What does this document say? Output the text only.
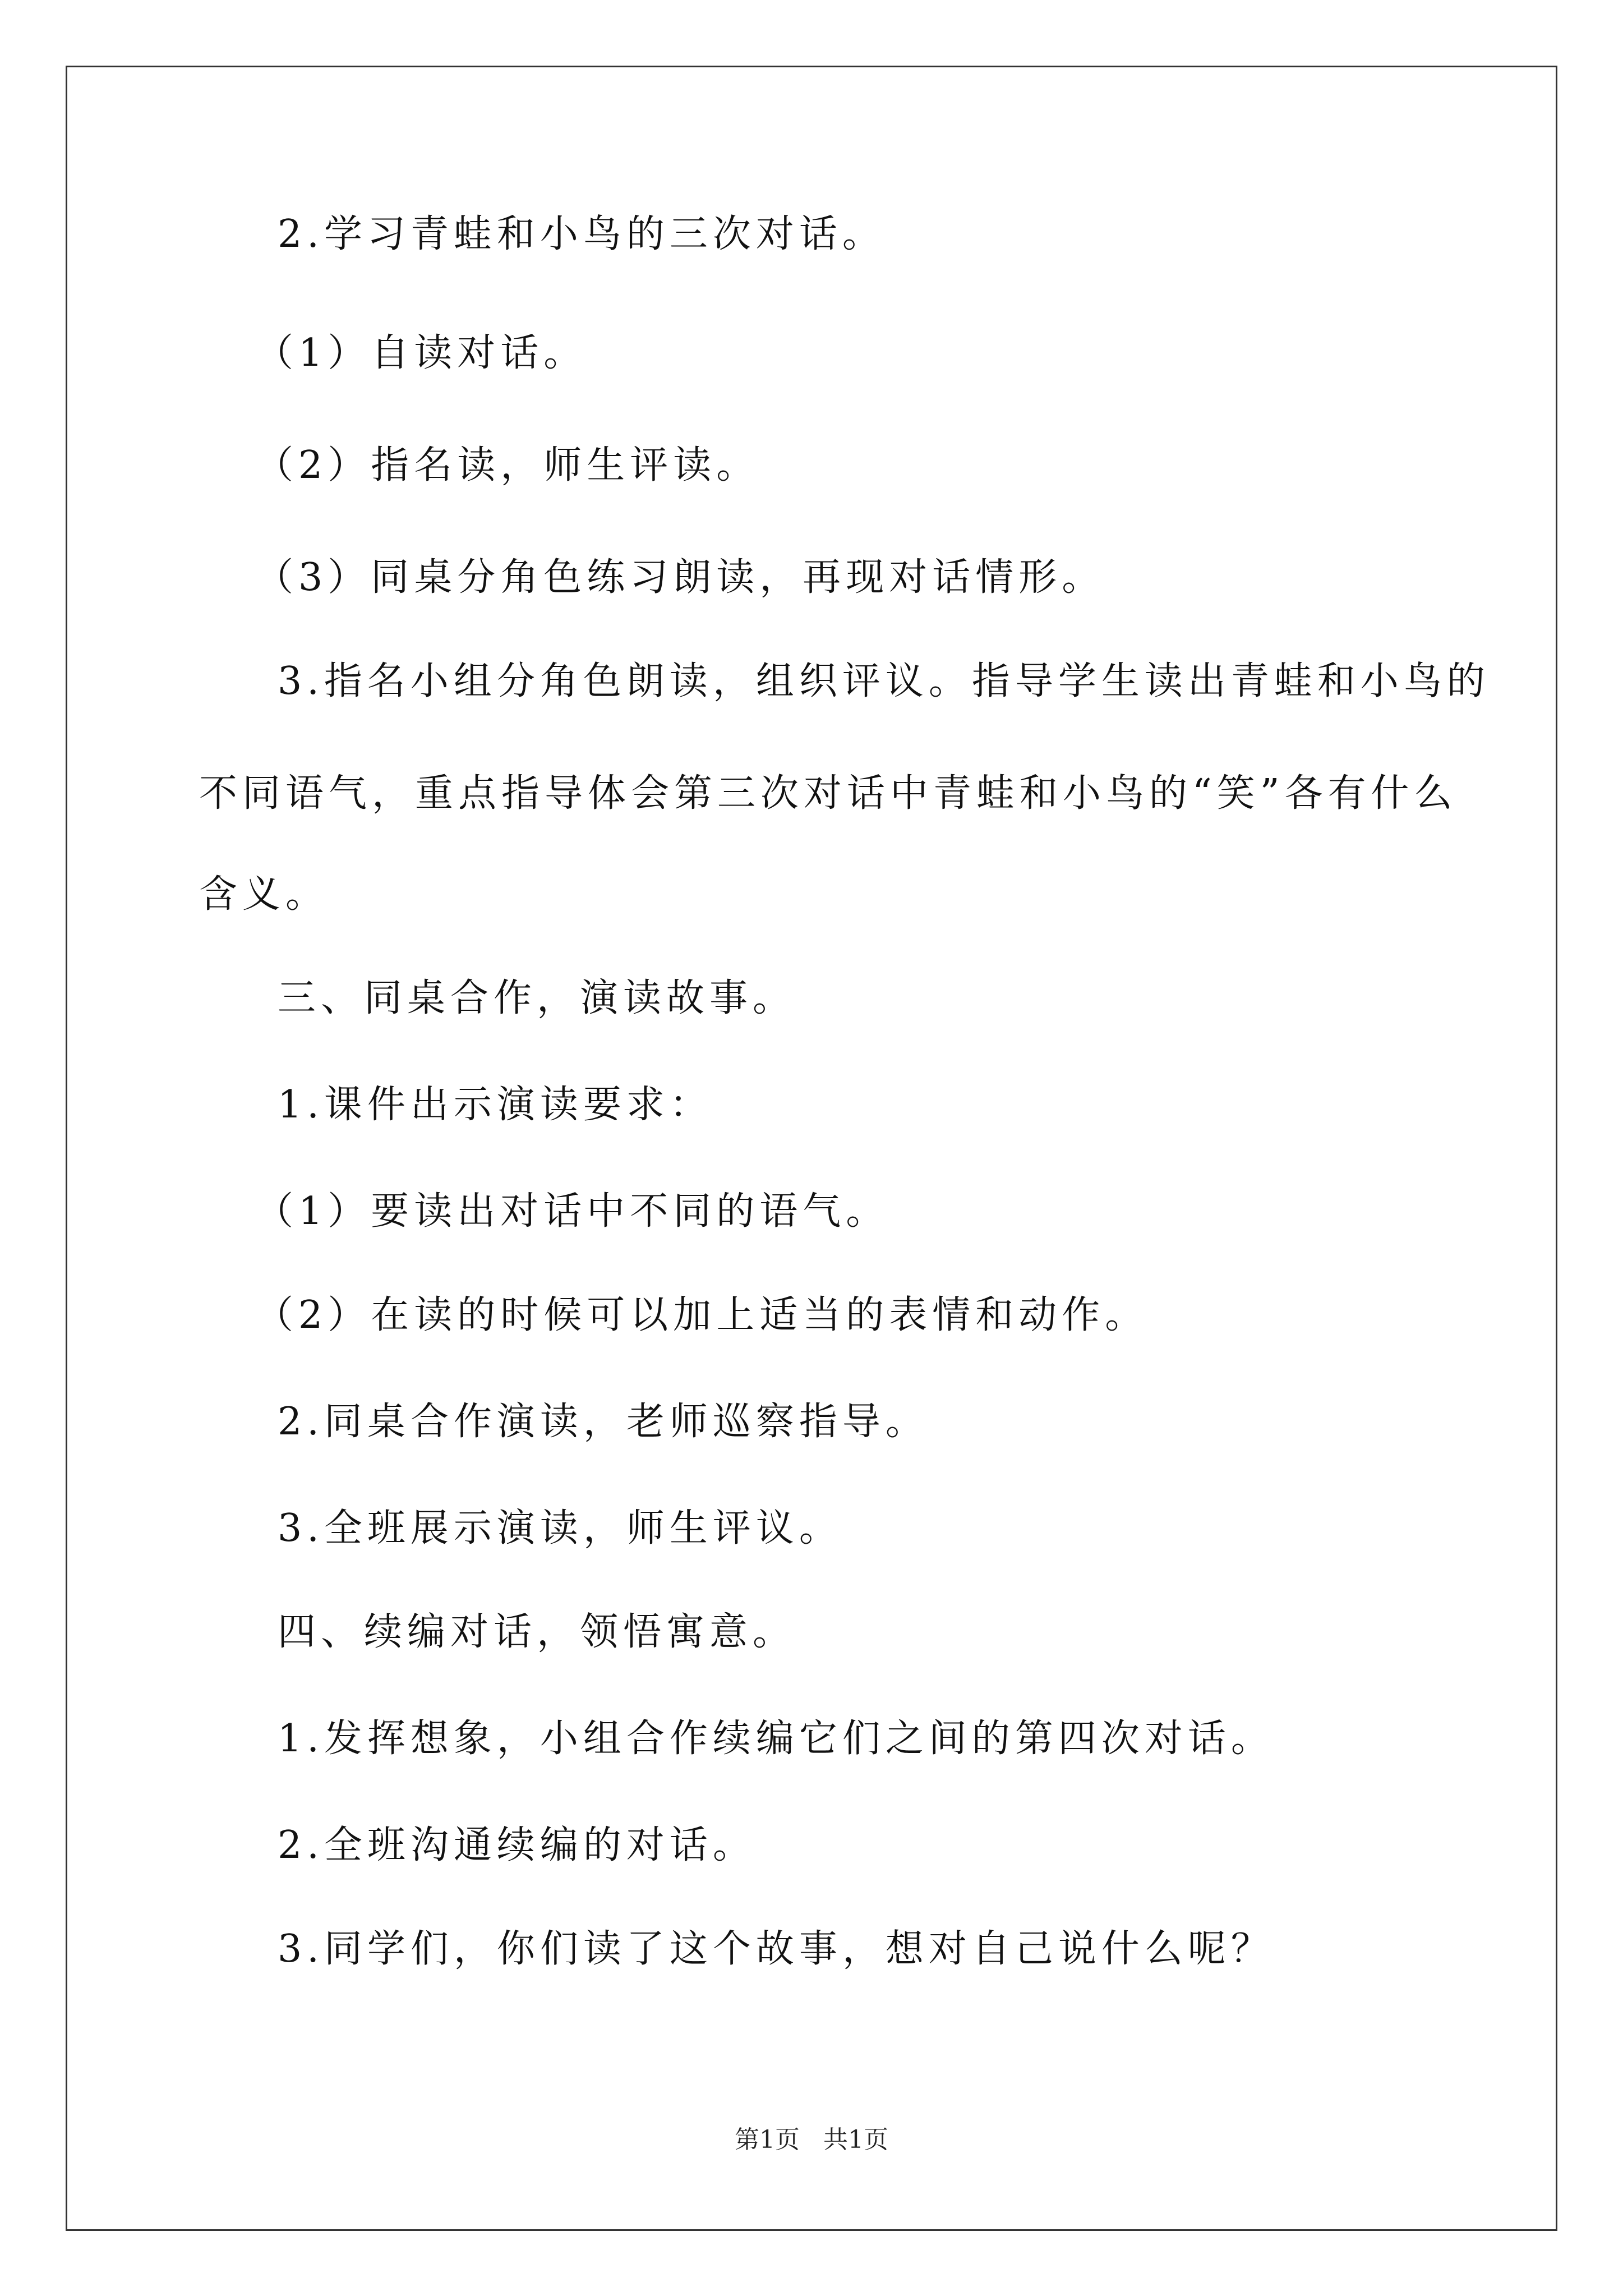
2.学习青蛙和小鸟的三次对话。
（1）自读对话。
（2）指名读，师生评读。
（3）同桌分角色练习朗读，再现对话情形。
3.指名小组分角色朗读，组织评议。指导学生读出青蛙和小鸟的
不同语气，重点指导体会第三次对话中青蛙和小鸟的“笑”各有什么
含义。
三、同桌合作，演读故事。
1.课件出示演读要求：
（1）要读出对话中不同的语气。
（2）在读的时候可以加上适当的表情和动作。
2.同桌合作演读，老师巡察指导。
3.全班展示演读，师生评议。
四、续编对话，领悟寓意。
1.发挥想象，小组合作续编它们之间的第四次对话。
2.全班沟通续编的对话。
3.同学们，你们读了这个故事，想对自己说什么呢？
第1页   共1页
